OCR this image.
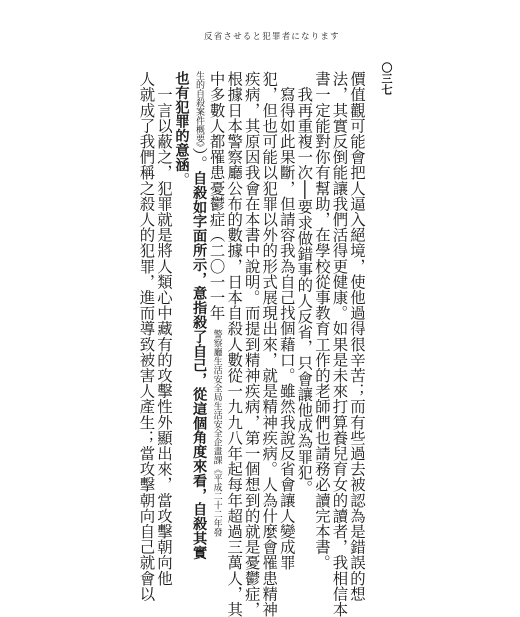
反省させると犯罪者になります
〇三七
價值觀可能會把人逼入絕境，使他過得很辛苦；而有些過去被認為是錯誤的想
法，其實反倒能讓我們活得更健康。如果是未來打算養兒育女的讀者，我相信本
書一定能對你有幫助，在學校從事教育工作的老師們也請務必讀完本書。
　我再重複一次──要求做錯事的人反省，只會讓他成為罪犯。
　寫得如此果斷，但請容我為自己找個藉口。雖然我說反省會讓人變成罪
犯，但也可能以犯罪以外的形式展現出來，就是精神疾病。人為什麼會罹患精神
疾病，其原因我會在本書中說明。而提到精神疾病，第一個想到的就是憂鬱症，
根據日本警察廳公布的數據，日本自殺人數從一九九八年起每年超過三萬人，其
中多數人都罹患憂鬱症（二〇一一年　警察廳生活安全局生活安全企畫課《平成二十二年發
生的自殺案件概要》）。自殺如字面所示，意指殺了自己，從這個角度來看，自殺其實
也有犯罪的意涵。
　一言以蔽之，犯罪就是將人類心中藏有的攻擊性外顯出來，當攻擊朝向他
人就成了我們稱之殺人的犯罪，進而導致被害人產生；當攻擊朝向自己就會以
